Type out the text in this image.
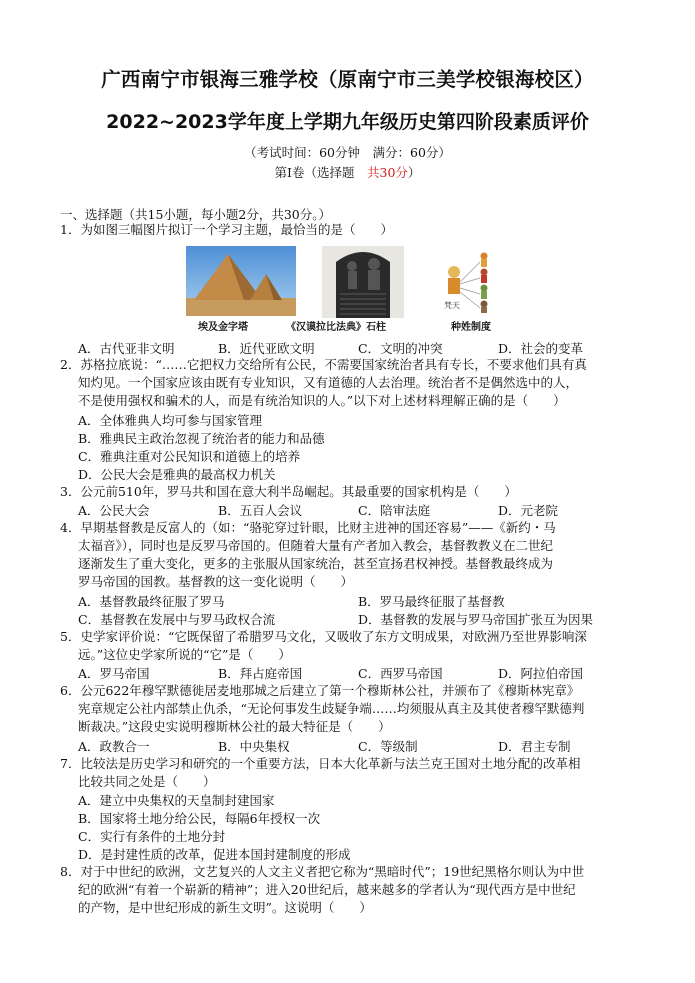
广西南宁市银海三雅学校（原南宁市三美学校银海校区）
2022~2023学年度上学期九年级历史第四阶段素质评价
（考试时间：60分钟　满分：60分）
第Ⅰ卷（选择题　 共30分）
一、选择题（共15小题，每小题2分，共30分。）
1．为如图三幅图片拟订一个学习主题，最恰当的是（　　）
梵天
埃及金字塔	《汉谟拉比法典》石柱	种姓制度
A．古代亚非文明	B．近代亚欧文明	C．文明的冲突	D．社会的变革
2．苏格拉底说：“……它把权力交给所有公民，不需要国家统治者具有专长，不要求他们具有真
知灼见。一个国家应该由既有专业知识，又有道德的人去治理。统治者不是偶然选中的人，
不是使用强权和骗术的人，而是有统治知识的人。”以下对上述材料理解正确的是（　　）
A．全体雅典人均可参与国家管理
B．雅典民主政治忽视了统治者的能力和品德
C．雅典注重对公民知识和道德上的培养
D．公民大会是雅典的最高权力机关
3．公元前510年，罗马共和国在意大利半岛崛起。其最重要的国家机构是（　　）
A．公民大会	B．五百人会议	C．陪审法庭	D．元老院
4．早期基督教是反富人的（如：“骆驼穿过针眼，比财主进神的国还容易”——《新约・马
太福音》），同时也是反罗马帝国的。但随着大量有产者加入教会，基督教教义在二世纪
逐渐发生了重大变化，更多的主张服从国家统治，甚至宣扬君权神授。基督教最终成为
罗马帝国的国教。基督教的这一变化说明（　　）
A．基督教最终征服了罗马	B．罗马最终征服了基督教
C．基督教在发展中与罗马政权合流	D．基督教的发展与罗马帝国扩张互为因果
5．史学家评价说：“它既保留了希腊罗马文化，又吸收了东方文明成果，对欧洲乃至世界影响深
远。”这位史学家所说的“它”是（　　）
A．罗马帝国	B．拜占庭帝国	C．西罗马帝国	D．阿拉伯帝国
6．公元622年穆罕默德徙居麦地那城之后建立了第一个穆斯林公社，并颁布了《穆斯林宪章》
宪章规定公社内部禁止仇杀，“无论何事发生歧疑争端……均须服从真主及其使者穆罕默德判
断裁决。”这段史实说明穆斯林公社的最大特征是（　　）
A．政教合一	B．中央集权	C．等级制	D．君主专制
7．比较法是历史学习和研究的一个重要方法，日本大化革新与法兰克王国对土地分配的改革相
比较共同之处是（　　）
A．建立中央集权的天皇制封建国家
B．国家将土地分给公民，每隔6年授权一次
C．实行有条件的土地分封
D．是封建性质的改革，促进本国封建制度的形成
8．对于中世纪的欧洲，文艺复兴的人文主义者把它称为“黑暗时代”；19世纪黑格尔则认为中世
纪的欧洲“有着一个崭新的精神”；进入20世纪后，越来越多的学者认为“现代西方是中世纪
的产物，是中世纪形成的新生文明”。这说明（　　）
